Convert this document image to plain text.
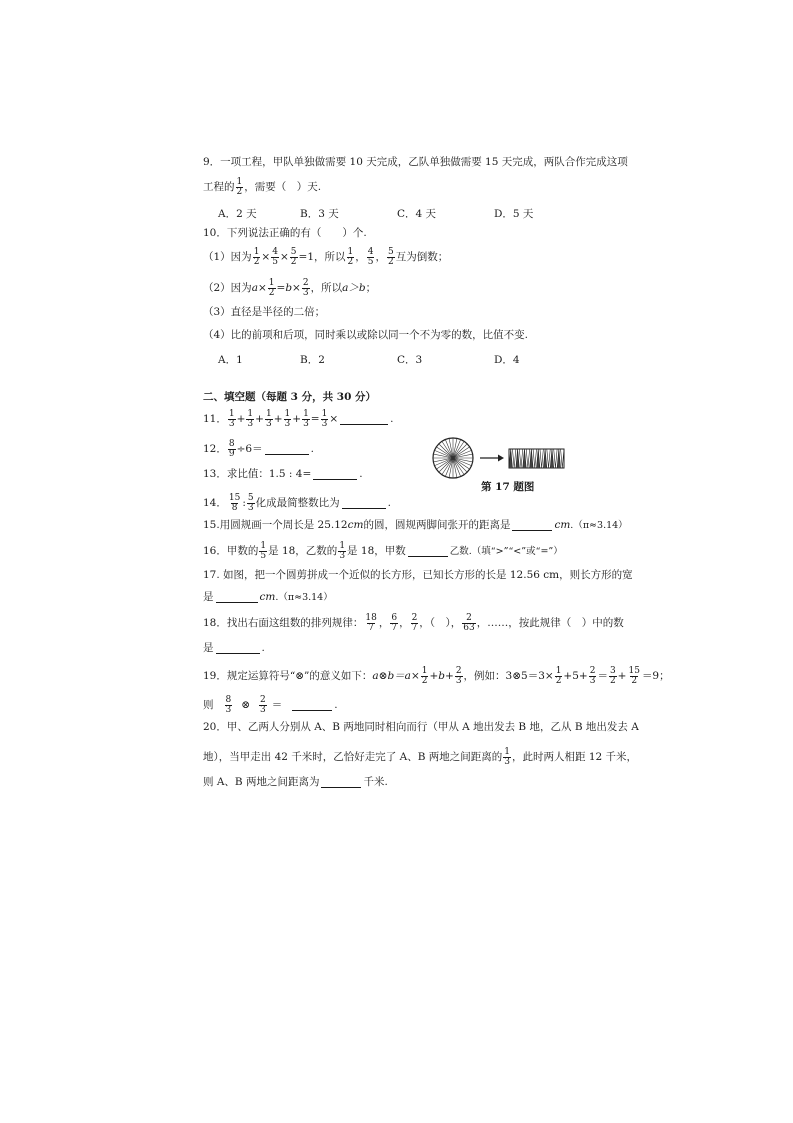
9．一项工程，甲队单独做需要 10 天完成，乙队单独做需要 15 天完成，两队合作完成这项
工程的 $\frac{1}{2}$ ，需要（　）天.
A．2 天	B．3 天	C．4 天	D．5 天
10．下列说法正确的有（　　）个.
（1）因为 $\frac{1}{2} \times \frac{4}{5} \times \frac{5}{2} =1$，所以 $\frac{1}{2}$ ， $\frac{4}{5}$ ， $\frac{5}{2}$ 互为倒数；
（2）因为 $a \times \frac{1}{2} = b \times \frac{2}{3}$ ，所以 a＞b ；
（3）直径是半径的二倍；
（4）比的前项和后项，同时乘以或除以同一个不为零的数，比值不变.
A．1	B．2	C．3	D．4
二、填空题（每题 3 分，共 30 分）
11． $\frac{1}{3} + \frac{1}{3} + \frac{1}{3} + \frac{1}{3} + \frac{1}{3} = \frac{1}{3}$ ×	.
12． $\frac{8}{9} \div 6=$	.
13．求比值：1.5 : 4=	.
第 17 题图
14． $\frac{15}{8}$ : $\frac{5}{3}$ 化成最简整数比为	.
15.用圆规画一个周长是 25.12 cm 的圆，圆规两脚间张开的距离是	cm .（π≈3.14）
16．甲数的 $\frac{1}{5}$ 是 18，乙数的 $\frac{1}{3}$ 是 18，甲数	乙数.（填“>”“<”或“=”）
17. 如图，把一个圆剪拼成一个近似的长方形，已知长方形的长是 12.56 cm，则长方形的宽
是	cm .（π≈3.14）
18．找出右面这组数的排列规律： $\frac{18}{7}$ ， $\frac{6}{7}$ ， $\frac{2}{7}$ ，（　）， $\frac{2}{63}$ ，……，按此规律（　）中的数
是	.
19．规定运算符号“⊗”的意义如下： a⊗b＝a× $\frac{1}{2} +b+ \frac{2}{3}$ ，例如：3⊗5＝3× $\frac{1}{2} +5+ \frac{2}{3} = \frac{3}{2} + \frac{15}{2} =9$；
则 $\frac{8}{3}$ ⊗ $\frac{2}{3}$ ＝	.
20．甲、乙两人分别从 A、B 两地同时相向而行（甲从 A 地出发去 B 地，乙从 B 地出发去 A
地），当甲走出 42 千米时，乙恰好走完了 A、B 两地之间距离的 $\frac{1}{3}$ ，此时两人相距 12 千米，
则 A、B 两地之间距离为	千米.
